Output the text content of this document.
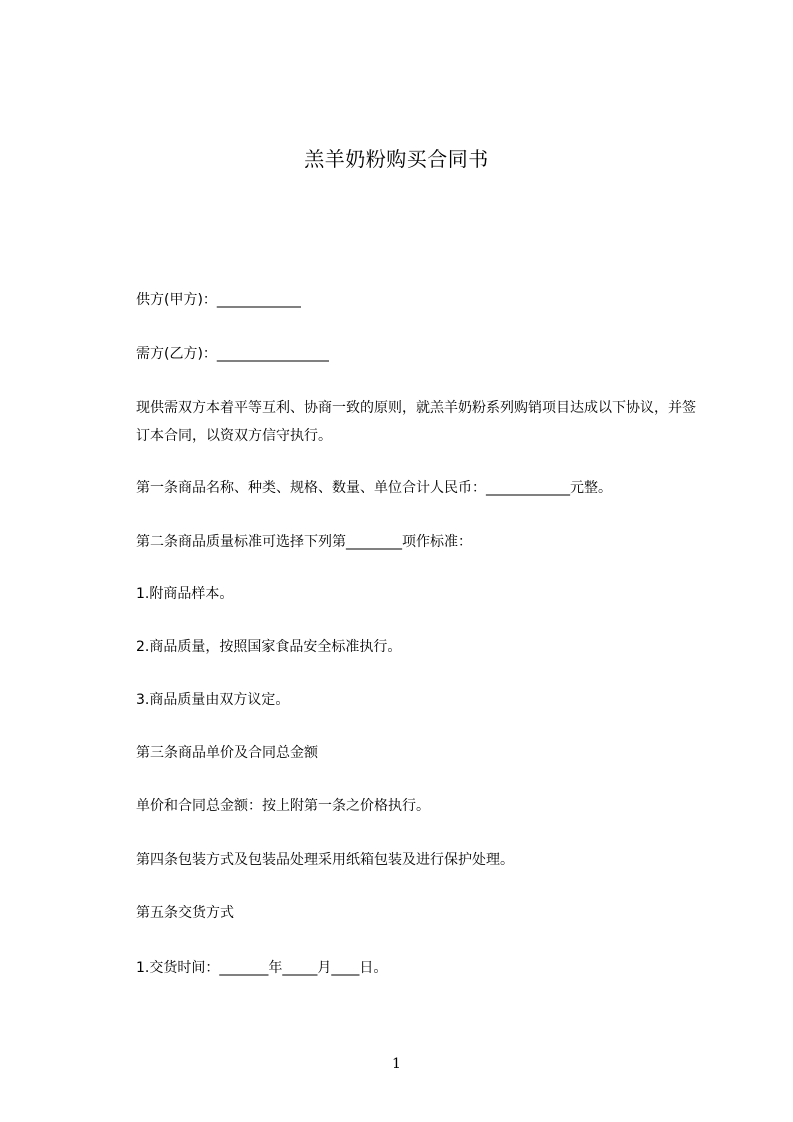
羔羊奶粉购买合同书
供方(甲方)：____________
需方(乙方)：________________
现供需双方本着平等互利、协商一致的原则，就羔羊奶粉系列购销项目达成以下协议，并签订本合同，以资双方信守执行。
第一条商品名称、种类、规格、数量、单位合计人民币：____________元整。
第二条商品质量标准可选择下列第________项作标准：
1.附商品样本。
2.商品质量，按照国家食品安全标准执行。
3.商品质量由双方议定。
第三条商品单价及合同总金额
单价和合同总金额：按上附第一条之价格执行。
第四条包装方式及包装品处理采用纸箱包装及进行保护处理。
第五条交货方式
1.交货时间：_______年_____月____日。
1
